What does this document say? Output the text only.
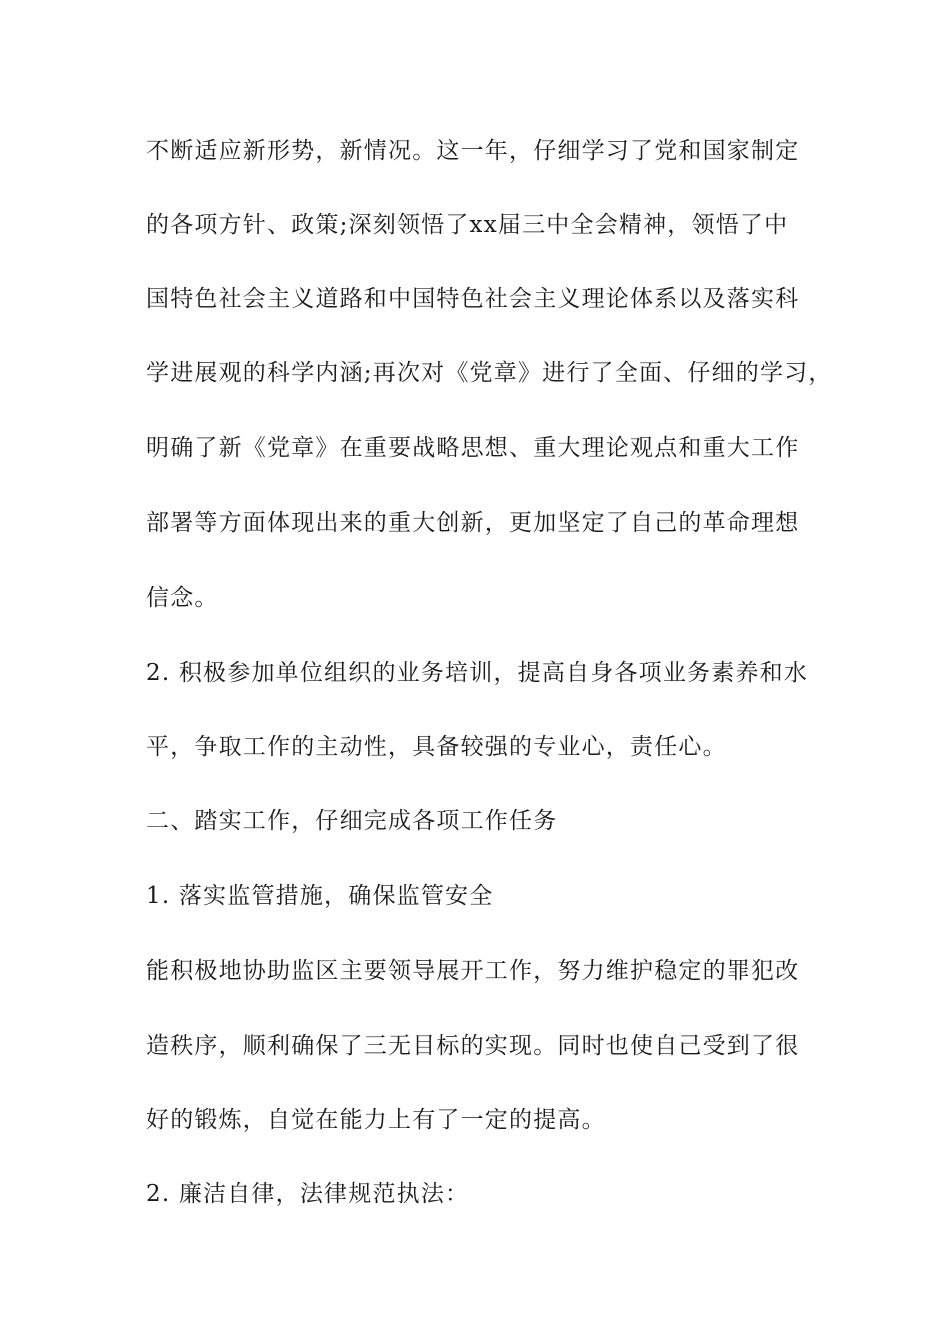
不断适应新形势，新情况。这一年，仔细学习了党和国家制定
的各项方针、政策;深刻领悟了xx届三中全会精神，领悟了中
国特色社会主义道路和中国特色社会主义理论体系以及落实科
学进展观的科学内涵;再次对《党章》进行了全面、仔细的学习，
明确了新《党章》在重要战略思想、重大理论观点和重大工作
部署等方面体现出来的重大创新，更加坚定了自己的革命理想
信念。
2. 积极参加单位组织的业务培训，提高自身各项业务素养和水
平，争取工作的主动性，具备较强的专业心，责任心。
二、踏实工作，仔细完成各项工作任务
1. 落实监管措施，确保监管安全
能积极地协助监区主要领导展开工作，努力维护稳定的罪犯改
造秩序，顺利确保了三无目标的实现。同时也使自己受到了很
好的锻炼，自觉在能力上有了一定的提高。
2. 廉洁自律，法律规范执法：
